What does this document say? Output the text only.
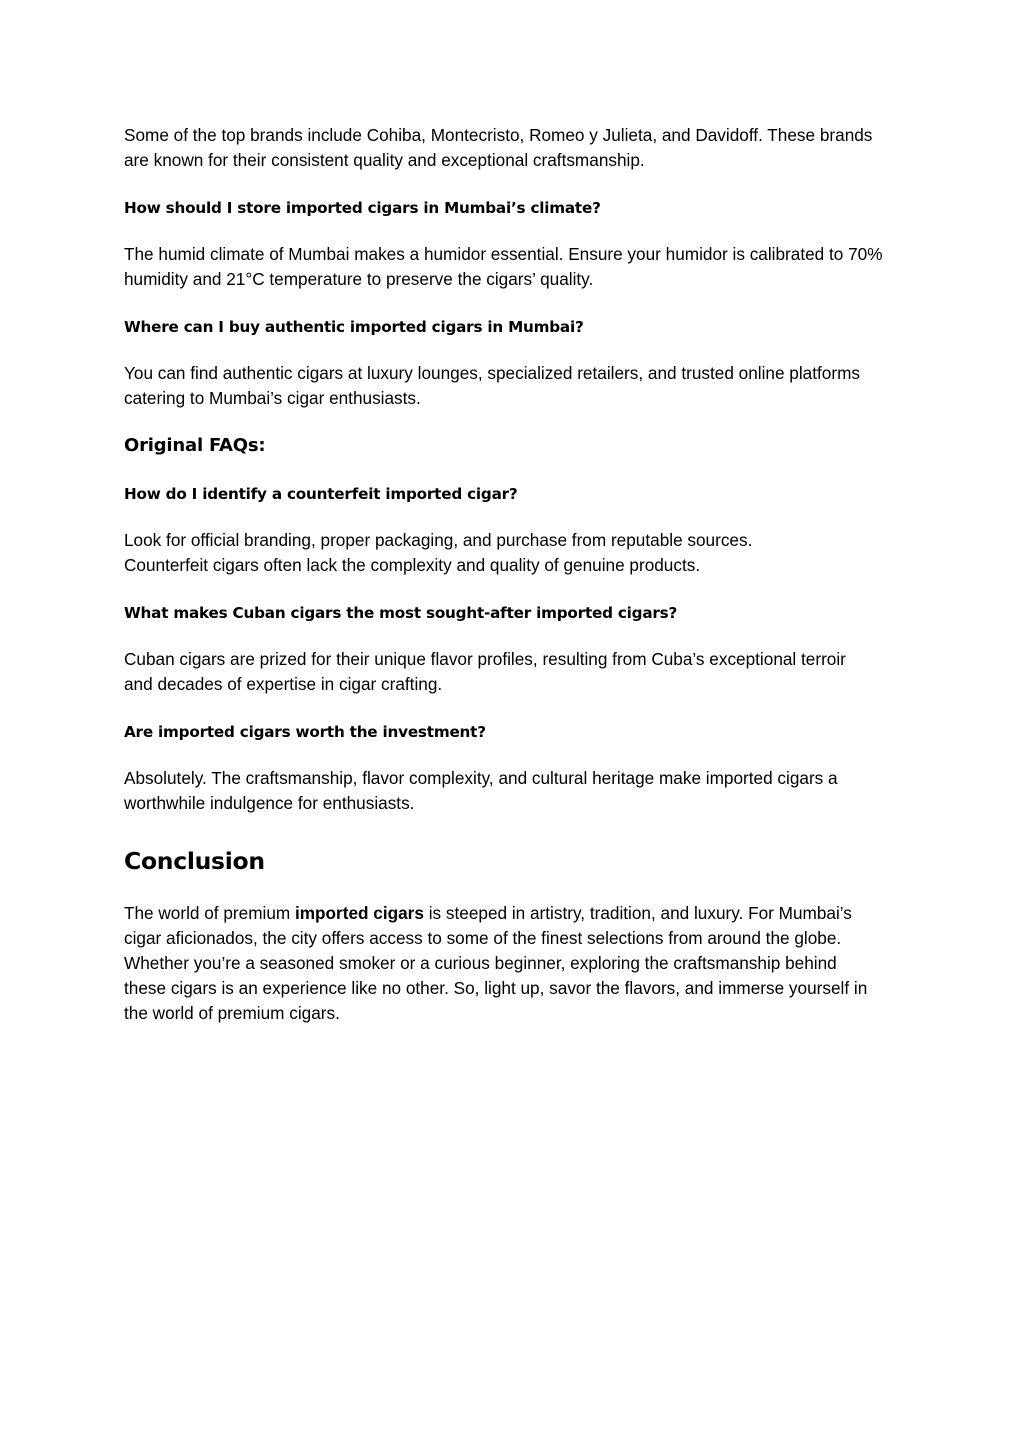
Some of the top brands include Cohiba, Montecristo, Romeo y Julieta, and Davidoff. These brands are known for their consistent quality and exceptional craftsmanship.

How should I store imported cigars in Mumbai’s climate?

The humid climate of Mumbai makes a humidor essential. Ensure your humidor is calibrated to 70% humidity and 21°C temperature to preserve the cigars’ quality.

Where can I buy authentic imported cigars in Mumbai?

You can find authentic cigars at luxury lounges, specialized retailers, and trusted online platforms catering to Mumbai’s cigar enthusiasts.

Original FAQs:

How do I identify a counterfeit imported cigar?

Look for official branding, proper packaging, and purchase from reputable sources. Counterfeit cigars often lack the complexity and quality of genuine products.

What makes Cuban cigars the most sought-after imported cigars?

Cuban cigars are prized for their unique flavor profiles, resulting from Cuba’s exceptional terroir and decades of expertise in cigar crafting.

Are imported cigars worth the investment?

Absolutely. The craftsmanship, flavor complexity, and cultural heritage make imported cigars a worthwhile indulgence for enthusiasts.

Conclusion

The world of premium imported cigars is steeped in artistry, tradition, and luxury. For Mumbai’s cigar aficionados, the city offers access to some of the finest selections from around the globe. Whether you’re a seasoned smoker or a curious beginner, exploring the craftsmanship behind these cigars is an experience like no other. So, light up, savor the flavors, and immerse yourself in the world of premium cigars.
